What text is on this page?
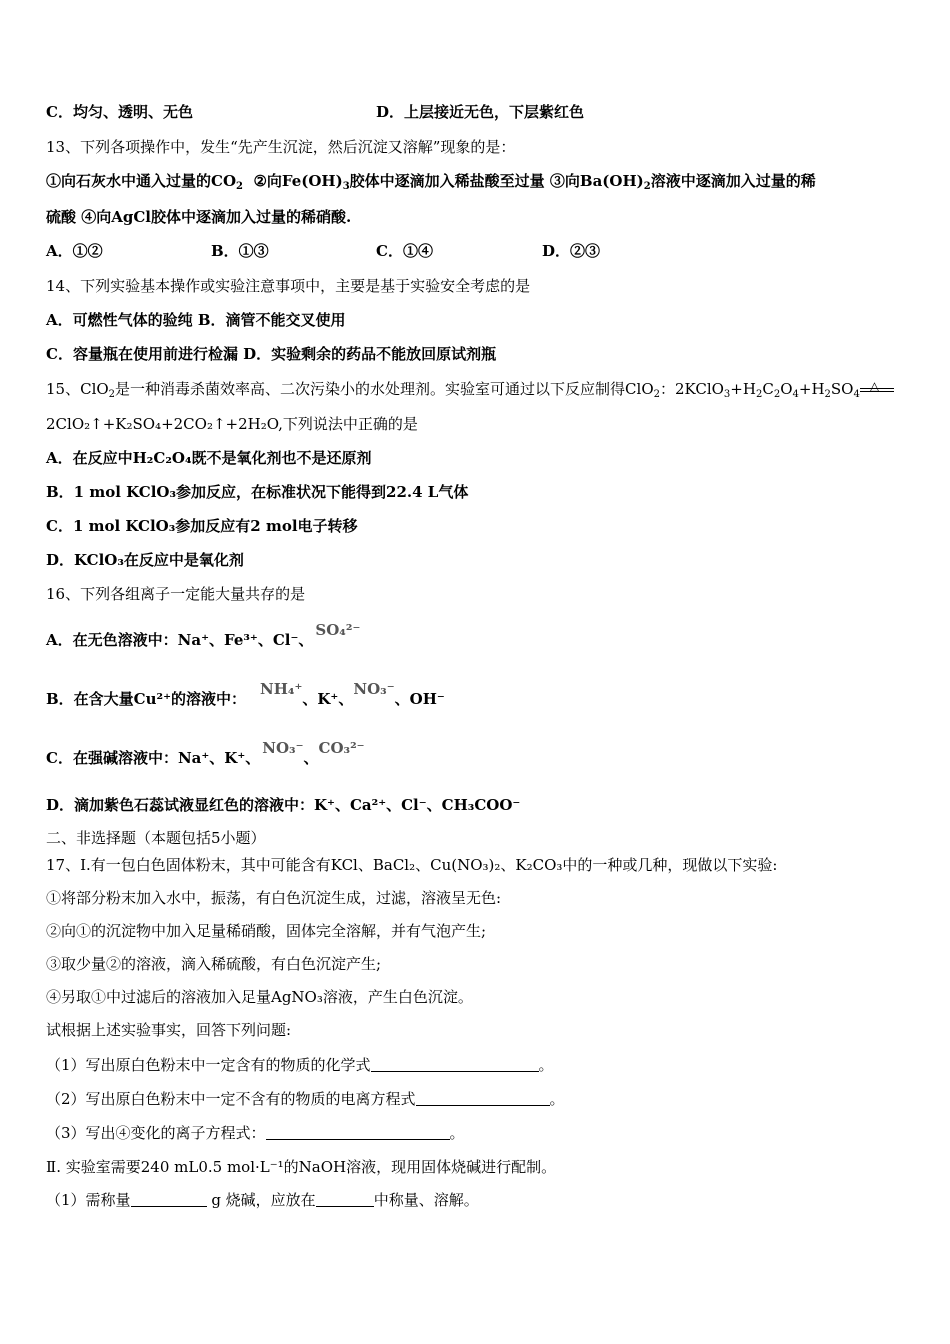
C．均匀、透明、无色	D．上层接近无色，下层紫红色
13、下列各项操作中，发生“先产生沉淀，然后沉淀又溶解”现象的是：
①向石灰水中通入过量的$CO_2$ ②向$Fe(OH)_3$胶体中逐滴加入稀盐酸至过量 ③向$Ba(OH)_2$溶液中逐滴加入过量的稀
硫酸 ④向AgCl胶体中逐滴加入过量的稀硝酸.
A．①②	B．①③	C．①④	D．②③
14、下列实验基本操作或实验注意事项中，主要是基于实验安全考虑的是
A．可燃性气体的验纯 B．滴管不能交叉使用
C．容量瓶在使用前进行检漏 D．实验剩余的药品不能放回原试剂瓶
15、ClO$_2$是一种消毒杀菌效率高、二次污染小的水处理剂。实验室可通过以下反应制得ClO$_2$：$2KClO_3+H_2C_2O_4+H_2SO_4$
△
2ClO₂↑+K₂SO₄+2CO₂↑+2H₂O,下列说法中正确的是
A．在反应中H₂C₂O₄既不是氧化剂也不是还原剂
B．1 mol KClO₃参加反应，在标准状况下能得到22.4 L气体
C．1 mol KClO₃参加反应有2 mol电子转移
D．KClO₃在反应中是氧化剂
16、下列各组离子一定能大量共存的是
A．在无色溶液中：Na⁺、Fe³⁺、Cl⁻、SO₄²⁻
B．在含大量Cu²⁺的溶液中：NH₄⁺、K⁺、NO₃⁻、OH⁻
C．在强碱溶液中：Na⁺、K⁺、NO₃⁻、CO₃²⁻
D．滴加紫色石蕊试液显红色的溶液中：K⁺、Ca²⁺、Cl⁻、CH₃COO⁻
二、非选择题（本题包括5小题）
17、Ⅰ.有一包白色固体粉末，其中可能含有KCl、BaCl₂、Cu(NO₃)₂、K₂CO₃中的一种或几种，现做以下实验:
①将部分粉末加入水中，振荡，有白色沉淀生成，过滤，溶液呈无色:
②向①的沉淀物中加入足量稀硝酸，固体完全溶解，并有气泡产生;
③取少量②的溶液，滴入稀硫酸，有白色沉淀产生;
④另取①中过滤后的溶液加入足量AgNO₃溶液，产生白色沉淀。
试根据上述实验事实，回答下列问题:
（1）写出原白色粉末中一定含有的物质的化学式	。
（2）写出原白色粉末中一定不含有的物质的电离方程式	。
（3）写出④变化的离子方程式：	。
Ⅱ. 实验室需要240 mL0.5 mol·L⁻¹的NaOH溶液，现用固体烧碱进行配制。
（1）需称量	g 烧碱，应放在	中称量、溶解。
